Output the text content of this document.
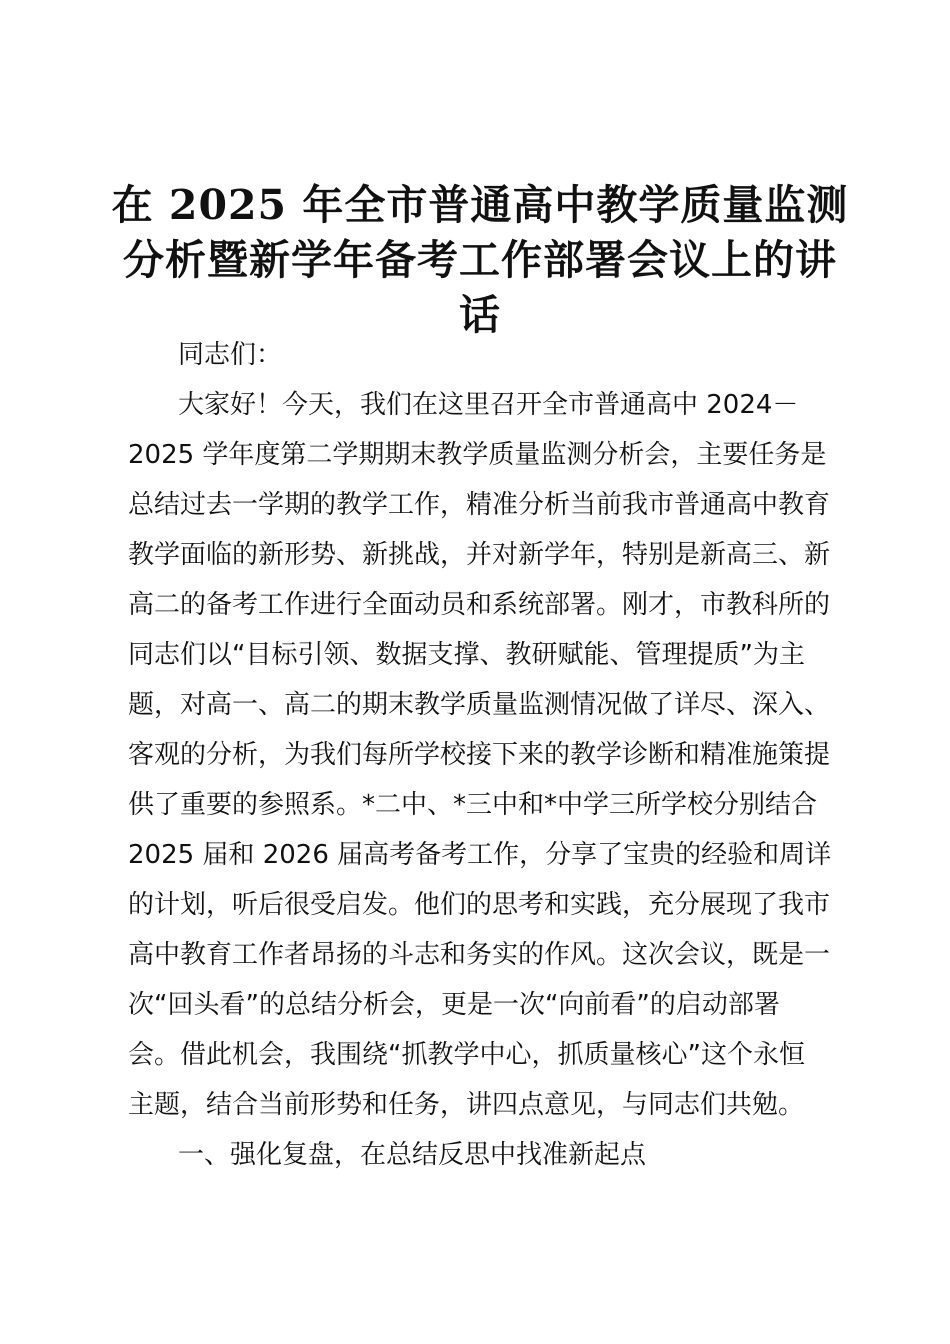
在 2025 年全市普通高中教学质量监测
分析暨新学年备考工作部署会议上的讲
话
同志们：
大家好！今天，我们在这里召开全市普通高中 2024－
2025 学年度第二学期期末教学质量监测分析会，主要任务是
总结过去一学期的教学工作，精准分析当前我市普通高中教育
教学面临的新形势、新挑战，并对新学年，特别是新高三、新
高二的备考工作进行全面动员和系统部署。刚才，市教科所的
同志们以“目标引领、数据支撑、教研赋能、管理提质”为主
题，对高一、高二的期末教学质量监测情况做了详尽、深入、
客观的分析，为我们每所学校接下来的教学诊断和精准施策提
供了重要的参照系。*二中、*三中和*中学三所学校分别结合
2025 届和 2026 届高考备考工作，分享了宝贵的经验和周详
的计划，听后很受启发。他们的思考和实践，充分展现了我市
高中教育工作者昂扬的斗志和务实的作风。这次会议，既是一
次“回头看”的总结分析会，更是一次“向前看”的启动部署
会。借此机会，我围绕“抓教学中心，抓质量核心”这个永恒
主题，结合当前形势和任务，讲四点意见，与同志们共勉。
一、强化复盘，在总结反思中找准新起点
